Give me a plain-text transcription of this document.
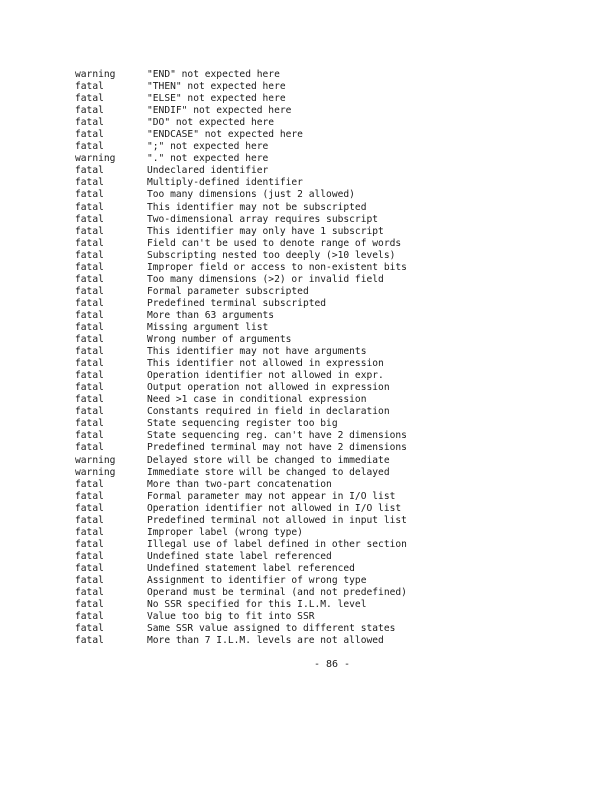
warning	"END" not expected here
fatal	"THEN" not expected here
fatal	"ELSE" not expected here
fatal	"ENDIF" not expected here
fatal	"DO" not expected here
fatal	"ENDCASE" not expected here
fatal	";" not expected here
warning	"." not expected here
fatal	Undeclared identifier
fatal	Multiply-defined identifier
fatal	Too many dimensions (just 2 allowed)
fatal	This identifier may not be subscripted
fatal	Two-dimensional array requires subscript
fatal	This identifier may only have 1 subscript
fatal	Field can't be used to denote range of words
fatal	Subscripting nested too deeply (>10 levels)
fatal	Improper field or access to non-existent bits
fatal	Too many dimensions (>2) or invalid field
fatal	Formal parameter subscripted
fatal	Predefined terminal subscripted
fatal	More than 63 arguments
fatal	Missing argument list
fatal	Wrong number of arguments
fatal	This identifier may not have arguments
fatal	This identifier not allowed in expression
fatal	Operation identifier not allowed in expr.
fatal	Output operation not allowed in expression
fatal	Need >1 case in conditional expression
fatal	Constants required in field in declaration
fatal	State sequencing register too big
fatal	State sequencing reg. can't have 2 dimensions
fatal	Predefined terminal may not have 2 dimensions
warning	Delayed store will be changed to immediate
warning	Immediate store will be changed to delayed
fatal	More than two-part concatenation
fatal	Formal parameter may not appear in I/O list
fatal	Operation identifier not allowed in I/O list
fatal	Predefined terminal not allowed in input list
fatal	Improper label (wrong type)
fatal	Illegal use of label defined in other section
fatal	Undefined state label referenced
fatal	Undefined statement label referenced
fatal	Assignment to identifier of wrong type
fatal	Operand must be terminal (and not predefined)
fatal	No SSR specified for this I.L.M. level
fatal	Value too big to fit into SSR
fatal	Same SSR value assigned to different states
fatal	More than 7 I.L.M. levels are not allowed
- 86 -
